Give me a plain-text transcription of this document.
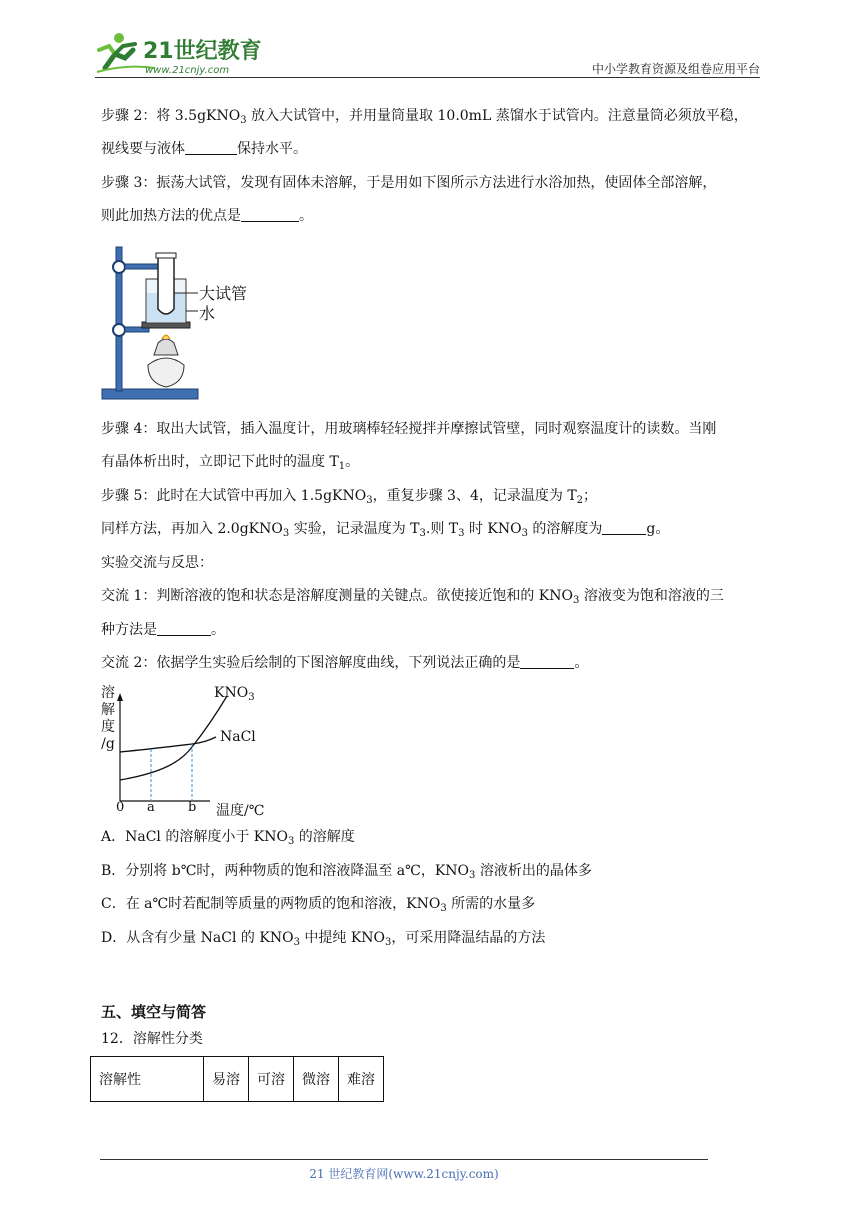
21世纪教育
www.21cnjy.com	中小学教育资源及组卷应用平台
步骤 2：将 3.5gKNO$_3$ 放入大试管中，并用量筒量取 10.0mL 蒸馏水于试管内。注意量筒必须放平稳，
视线要与液体	保持水平。
步骤 3：振荡大试管，发现有固体未溶解，于是用如下图所示方法进行水浴加热，使固体全部溶解，
则此加热方法的优点是	。
大试管
水
步骤 4：取出大试管，插入温度计，用玻璃棒轻轻搅拌并摩擦试管壁，同时观察温度计的读数。当刚
有晶体析出时，立即记下此时的温度 $T_1$。
步骤 5：此时在大试管中再加入 1.5gKNO$_3$，重复步骤 3、4，记录温度为 $T_2$；
同样方法，再加入 2.0gKNO$_3$ 实验，记录温度为 $T_3$.则 $T_3$ 时 $KNO_3$ 的溶解度为	g。
实验交流与反思：
交流 1：判断溶液的饱和状态是溶解度测量的关键点。欲使接近饱和的 $KNO_3$ 溶液变为饱和溶液的三
种方法是	。
交流 2：依据学生实验后绘制的下图溶解度曲线，下列说法正确的是	。
溶
解
度
/g
$KNO_3$
NaCl
0 a	b 温度/℃
A．NaCl 的溶解度小于 $KNO_3$ 的溶解度
B．分别将 b℃时，两种物质的饱和溶液降温至 a℃，$KNO_3$ 溶液析出的晶体多
C．在 a℃时若配制等质量的两物质的饱和溶液，$KNO_3$ 所需的水量多
D．从含有少量 NaCl 的 $KNO_3$ 中提纯 $KNO_3$，可采用降温结晶的方法
五、填空与简答
12．溶解性分类
溶解性	易溶	可溶	微溶	难溶
21 世纪教育网(www.21cnjy.com)
